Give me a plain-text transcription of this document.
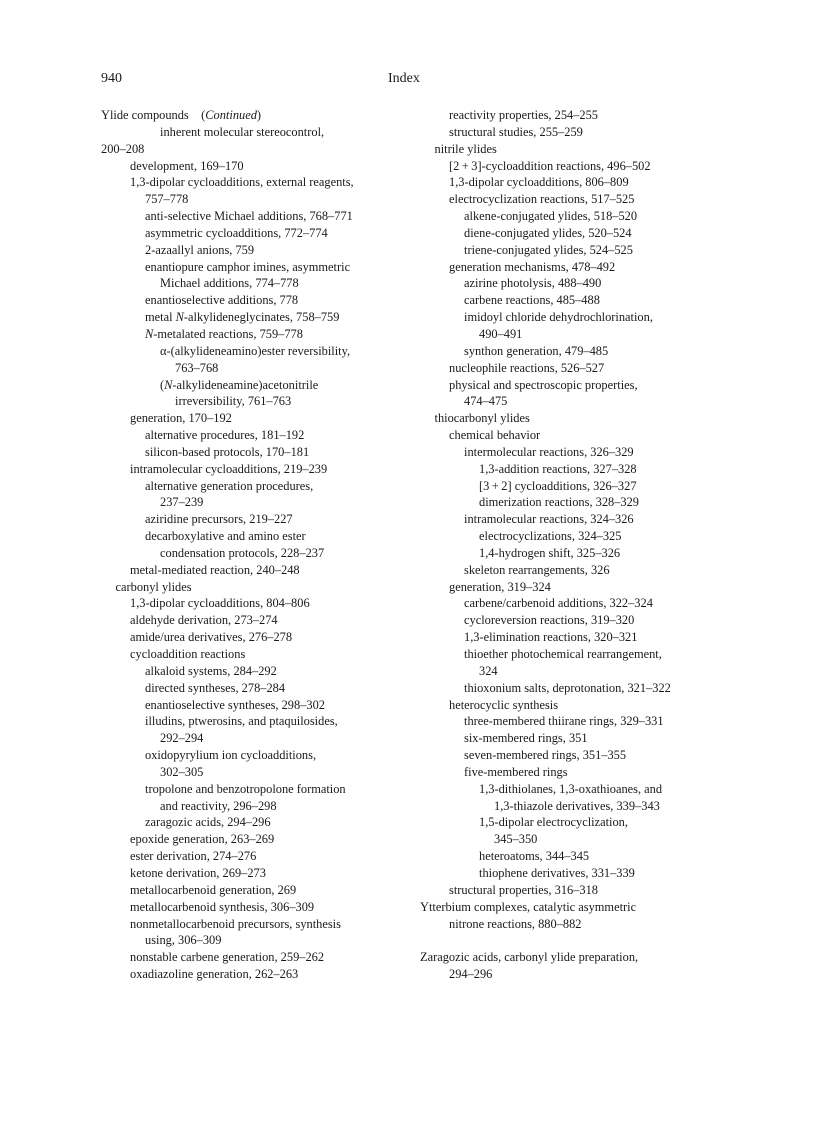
940	Index
Ylide compounds (Continued)
inherent molecular stereocontrol,
200–208
development, 169–170
1,3-dipolar cycloadditions, external reagents,
757–778
anti-selective Michael additions, 768–771
asymmetric cycloadditions, 772–774
2-azaallyl anions, 759
enantiopure camphor imines, asymmetric
Michael additions, 774–778
enantioselective additions, 778
metal N-alkylideneglycinates, 758–759
N-metalated reactions, 759–778
α-(alkylideneamino)ester reversibility,
763–768
(N-alkylideneamine)acetonitrile
irreversibility, 761–763
generation, 170–192
alternative procedures, 181–192
silicon-based protocols, 170–181
intramolecular cycloadditions, 219–239
alternative generation procedures,
237–239
aziridine precursors, 219–227
decarboxylative and amino ester
condensation protocols, 228–237
metal-mediated reaction, 240–248
carbonyl ylides
1,3-dipolar cycloadditions, 804–806
aldehyde derivation, 273–274
amide/urea derivatives, 276–278
cycloaddition reactions
alkaloid systems, 284–292
directed syntheses, 278–284
enantioselective syntheses, 298–302
illudins, ptwerosins, and ptaquilosides,
292–294
oxidopyrylium ion cycloadditions,
302–305
tropolone and benzotropolone formation
and reactivity, 296–298
zaragozic acids, 294–296
epoxide generation, 263–269
ester derivation, 274–276
ketone derivation, 269–273
metallocarbenoid generation, 269
metallocarbenoid synthesis, 306–309
nonmetallocarbenoid precursors, synthesis
using, 306–309
nonstable carbene generation, 259–262
oxadiazoline generation, 262–263
reactivity properties, 254–255
structural studies, 255–259
nitrile ylides
[2 + 3]-cycloaddition reactions, 496–502
1,3-dipolar cycloadditions, 806–809
electrocyclization reactions, 517–525
alkene-conjugated ylides, 518–520
diene-conjugated ylides, 520–524
triene-conjugated ylides, 524–525
generation mechanisms, 478–492
azirine photolysis, 488–490
carbene reactions, 485–488
imidoyl chloride dehydrochlorination,
490–491
synthon generation, 479–485
nucleophile reactions, 526–527
physical and spectroscopic properties,
474–475
thiocarbonyl ylides
chemical behavior
intermolecular reactions, 326–329
1,3-addition reactions, 327–328
[3 + 2] cycloadditions, 326–327
dimerization reactions, 328–329
intramolecular reactions, 324–326
electrocyclizations, 324–325
1,4-hydrogen shift, 325–326
skeleton rearrangements, 326
generation, 319–324
carbene/carbenoid additions, 322–324
cycloreversion reactions, 319–320
1,3-elimination reactions, 320–321
thioether photochemical rearrangement,
324
thioxonium salts, deprotonation, 321–322
heterocyclic synthesis
three-membered thiirane rings, 329–331
six-membered rings, 351
seven-membered rings, 351–355
five-membered rings
1,3-dithiolanes, 1,3-oxathioanes, and
1,3-thiazole derivatives, 339–343
1,5-dipolar electrocyclization,
345–350
heteroatoms, 344–345
thiophene derivatives, 331–339
structural properties, 316–318
Ytterbium complexes, catalytic asymmetric
nitrone reactions, 880–882
Zaragozic acids, carbonyl ylide preparation,
294–296
